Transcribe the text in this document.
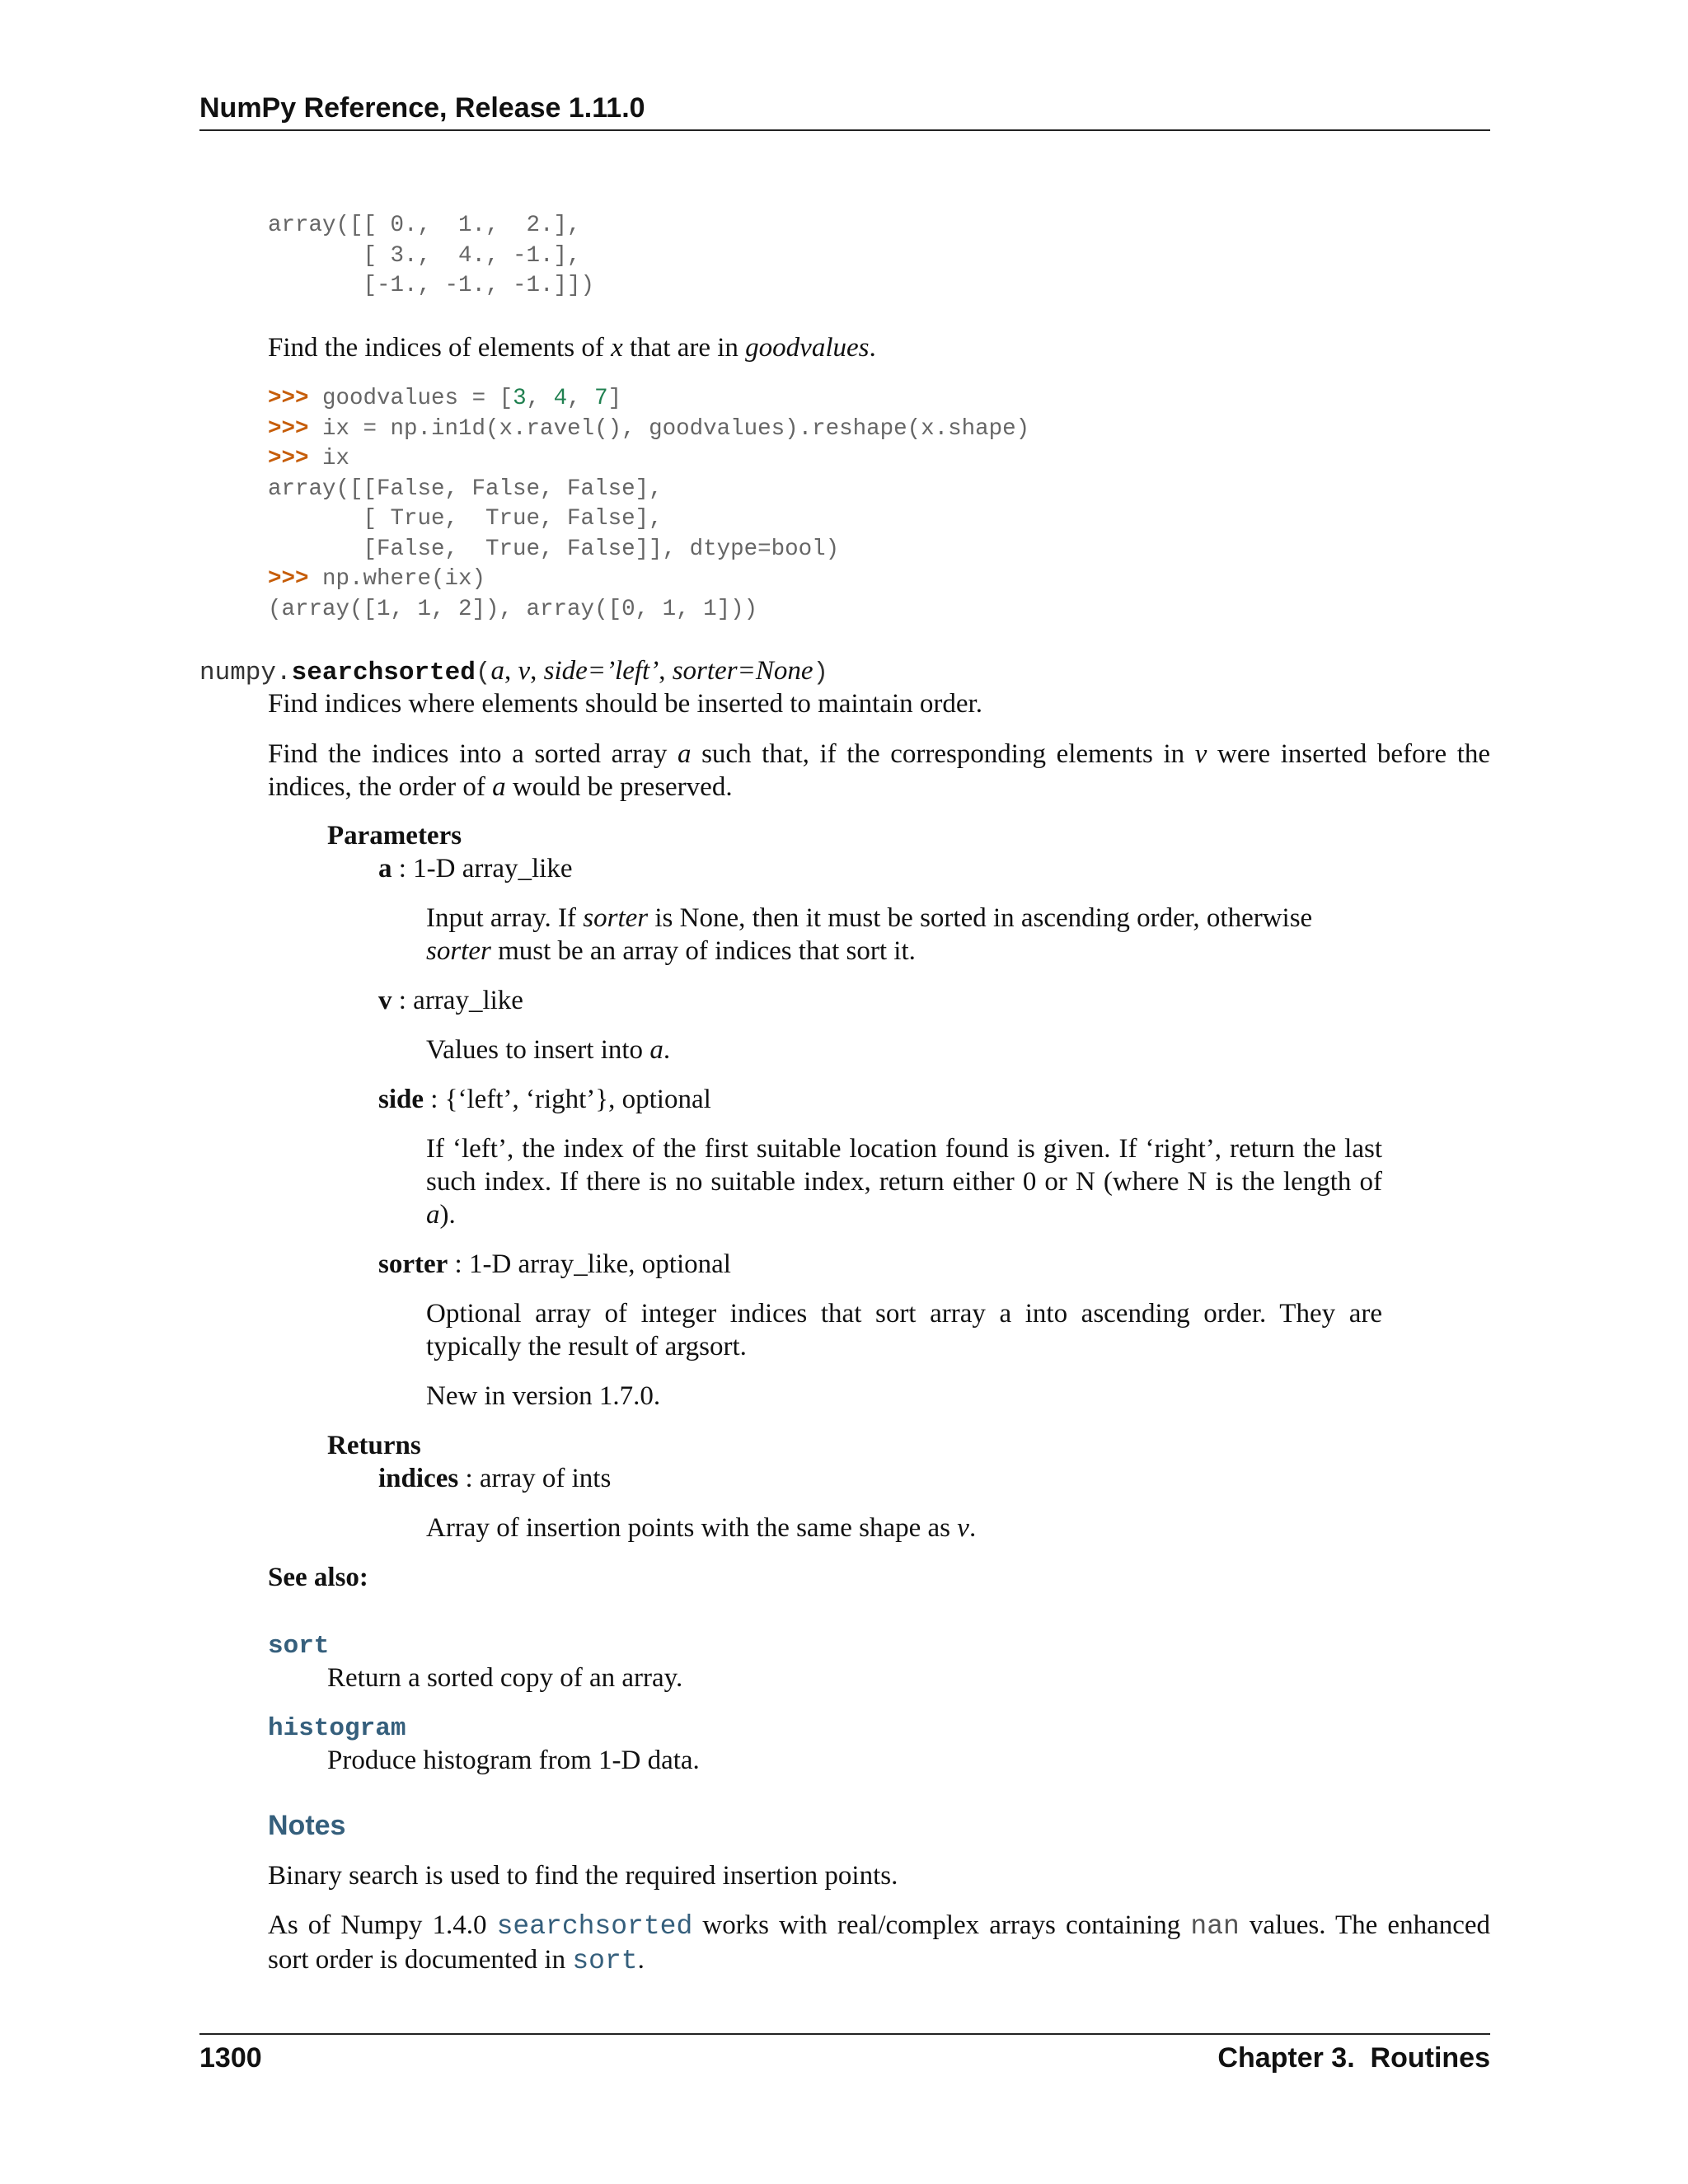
NumPy Reference, Release 1.11.0
array([[ 0.,  1.,  2.],
[ 3.,  4., -1.],
[-1., -1., -1.]])
Find the indices of elements of x that are in goodvalues.
>>> goodvalues = [3, 4, 7]
>>> ix = np.in1d(x.ravel(), goodvalues).reshape(x.shape)
>>> ix
array([[False, False, False],
[ True,  True, False],
[False,  True, False]], dtype=bool)
>>> np.where(ix)
(array([1, 1, 2]), array([0, 1, 1]))
numpy.searchsorted(a, v, side=’left’, sorter=None)
Find indices where elements should be inserted to maintain order.
Find the indices into a sorted array a such that, if the corresponding elements in v were inserted before the indices, the order of a would be preserved.
Parameters
a : 1-D array_like
Input array. If sorter is None, then it must be sorted in ascending order, otherwise sorter must be an array of indices that sort it.
v : array_like
Values to insert into a.
side : {‘left’, ‘right’}, optional
If ‘left’, the index of the first suitable location found is given. If ‘right’, return the last such index. If there is no suitable index, return either 0 or N (where N is the length of a).
sorter : 1-D array_like, optional
Optional array of integer indices that sort array a into ascending order. They are typically the result of argsort.
New in version 1.7.0.
Returns
indices : array of ints
Array of insertion points with the same shape as v.
See also:
sort
Return a sorted copy of an array.
histogram
Produce histogram from 1-D data.
Notes
Binary search is used to find the required insertion points.
As of Numpy 1.4.0 searchsorted works with real/complex arrays containing nan values. The enhanced sort order is documented in sort.
1300	Chapter 3.  Routines
